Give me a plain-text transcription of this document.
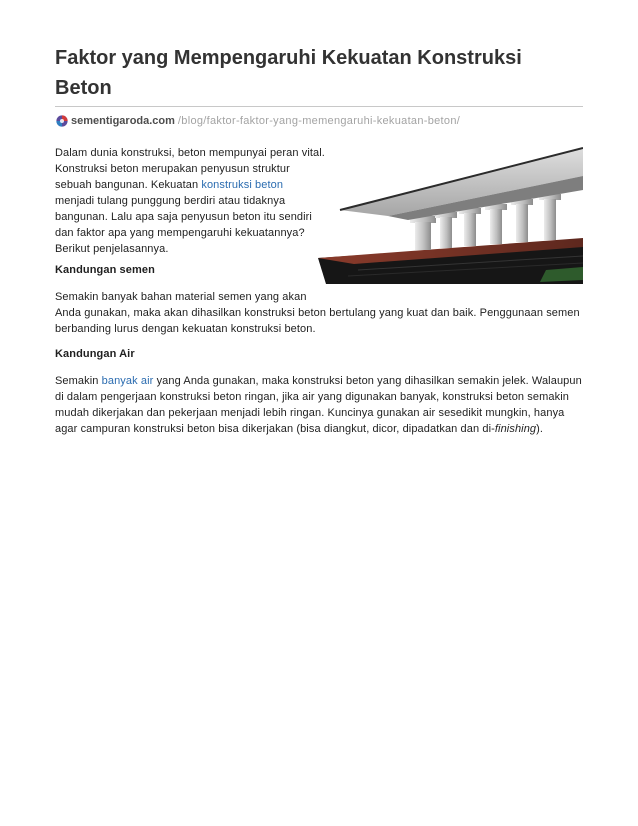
Faktor yang Mempengaruhi Kekuatan Konstruksi Beton
sementigaroda.com /blog/faktor-faktor-yang-memengaruhi-kekuatan-beton/
Dalam dunia konstruksi, beton mempunyai peran vital.
Konstruksi beton merupakan penyusun struktur
sebuah bangunan. Kekuatan konstruksi beton
menjadi tulang punggung berdiri atau tidaknya
bangunan. Lalu apa saja penyusun beton itu sendiri
dan faktor apa yang mempengaruhi kekuatannya?
Berikut penjelasannya.
Kandungan semen
Semakin banyak bahan material semen yang akan
Anda gunakan, maka akan dihasilkan konstruksi beton bertulang yang kuat dan baik. Penggunaan semen
berbanding lurus dengan kekuatan konstruksi beton.
Kandungan Air
Semakin banyak air yang Anda gunakan, maka konstruksi beton yang dihasilkan semakin jelek. Walaupun
di dalam pengerjaan konstruksi beton ringan, jika air yang digunakan banyak, konstruksi beton semakin
mudah dikerjakan dan pekerjaan menjadi lebih ringan. Kuncinya gunakan air sesedikit mungkin, hanya
agar campuran konstruksi beton bisa dikerjakan (bisa diangkut, dicor, dipadatkan dan di-finishing).
